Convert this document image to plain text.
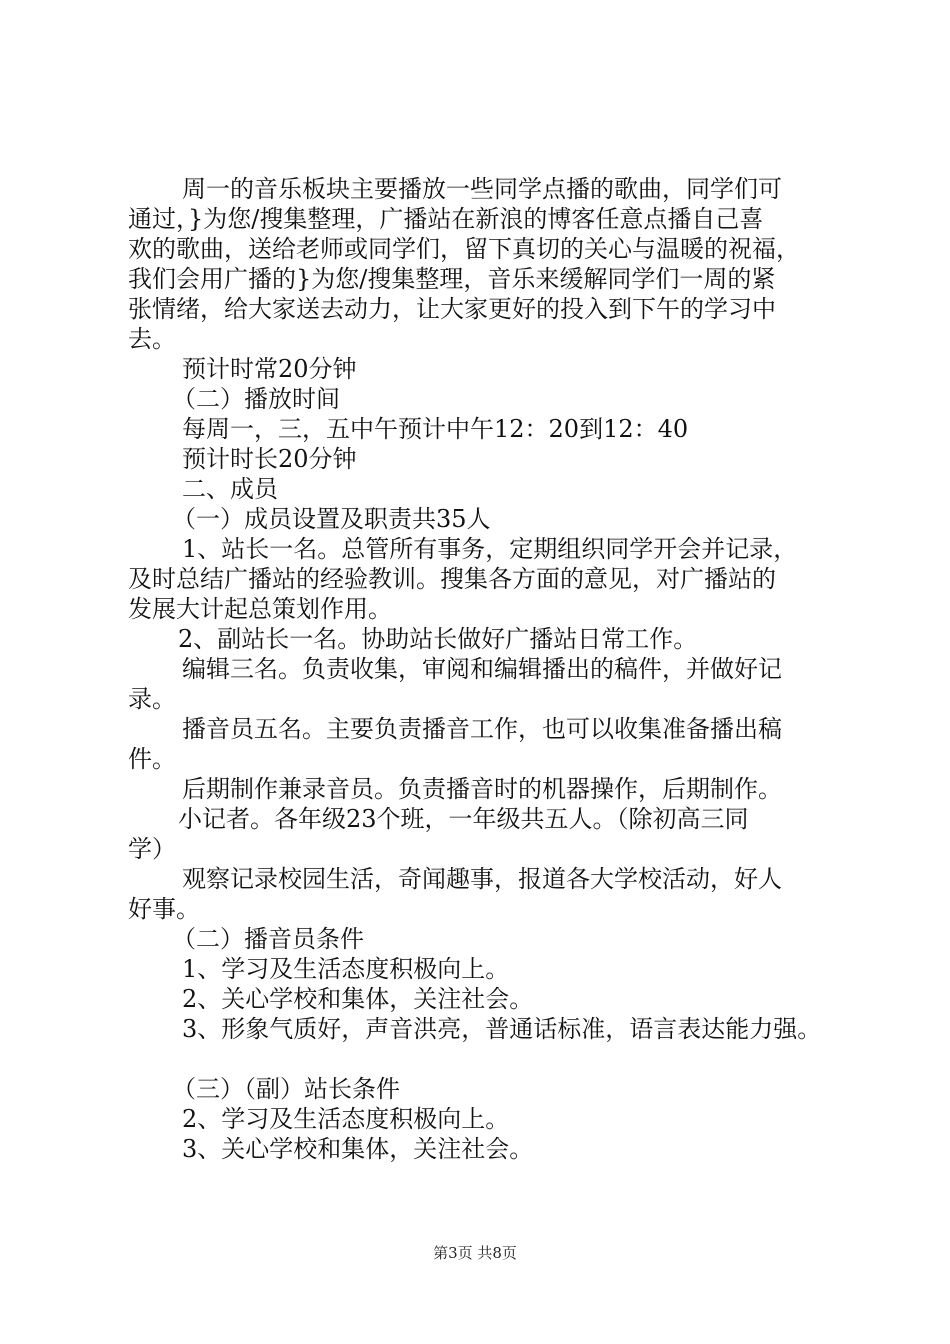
周一的音乐板块主要播放一些同学点播的歌曲，同学们可
通过，}为您/搜集整理，广播站在新浪的博客任意点播自己喜
欢的歌曲，送给老师或同学们，留下真切的关心与温暖的祝福，
我们会用广播的}为您/搜集整理，音乐来缓解同学们一周的紧
张情绪，给大家送去动力，让大家更好的投入到下午的学习中
去。
预计时常20分钟
（二）播放时间
每周一，三，五中午预计中午12：20到12：40
预计时长20分钟
二、成员
（一）成员设置及职责共35人
1、站长一名。总管所有事务，定期组织同学开会并记录，
及时总结广播站的经验教训。搜集各方面的意见，对广播站的
发展大计起总策划作用。
2、副站长一名。协助站长做好广播站日常工作。
编辑三名。负责收集，审阅和编辑播出的稿件，并做好记
录。
播音员五名。主要负责播音工作，也可以收集准备播出稿
件。
后期制作兼录音员。负责播音时的机器操作，后期制作。
小记者。各年级23个班，一年级共五人。（除初高三同
学）
观察记录校园生活，奇闻趣事，报道各大学校活动，好人
好事。
（二）播音员条件
1、学习及生活态度积极向上。
2、关心学校和集体，关注社会。
3、形象气质好，声音洪亮，普通话标准，语言表达能力强。
（三）（副）站长条件
2、学习及生活态度积极向上。
3、关心学校和集体，关注社会。
第3页 共8页
